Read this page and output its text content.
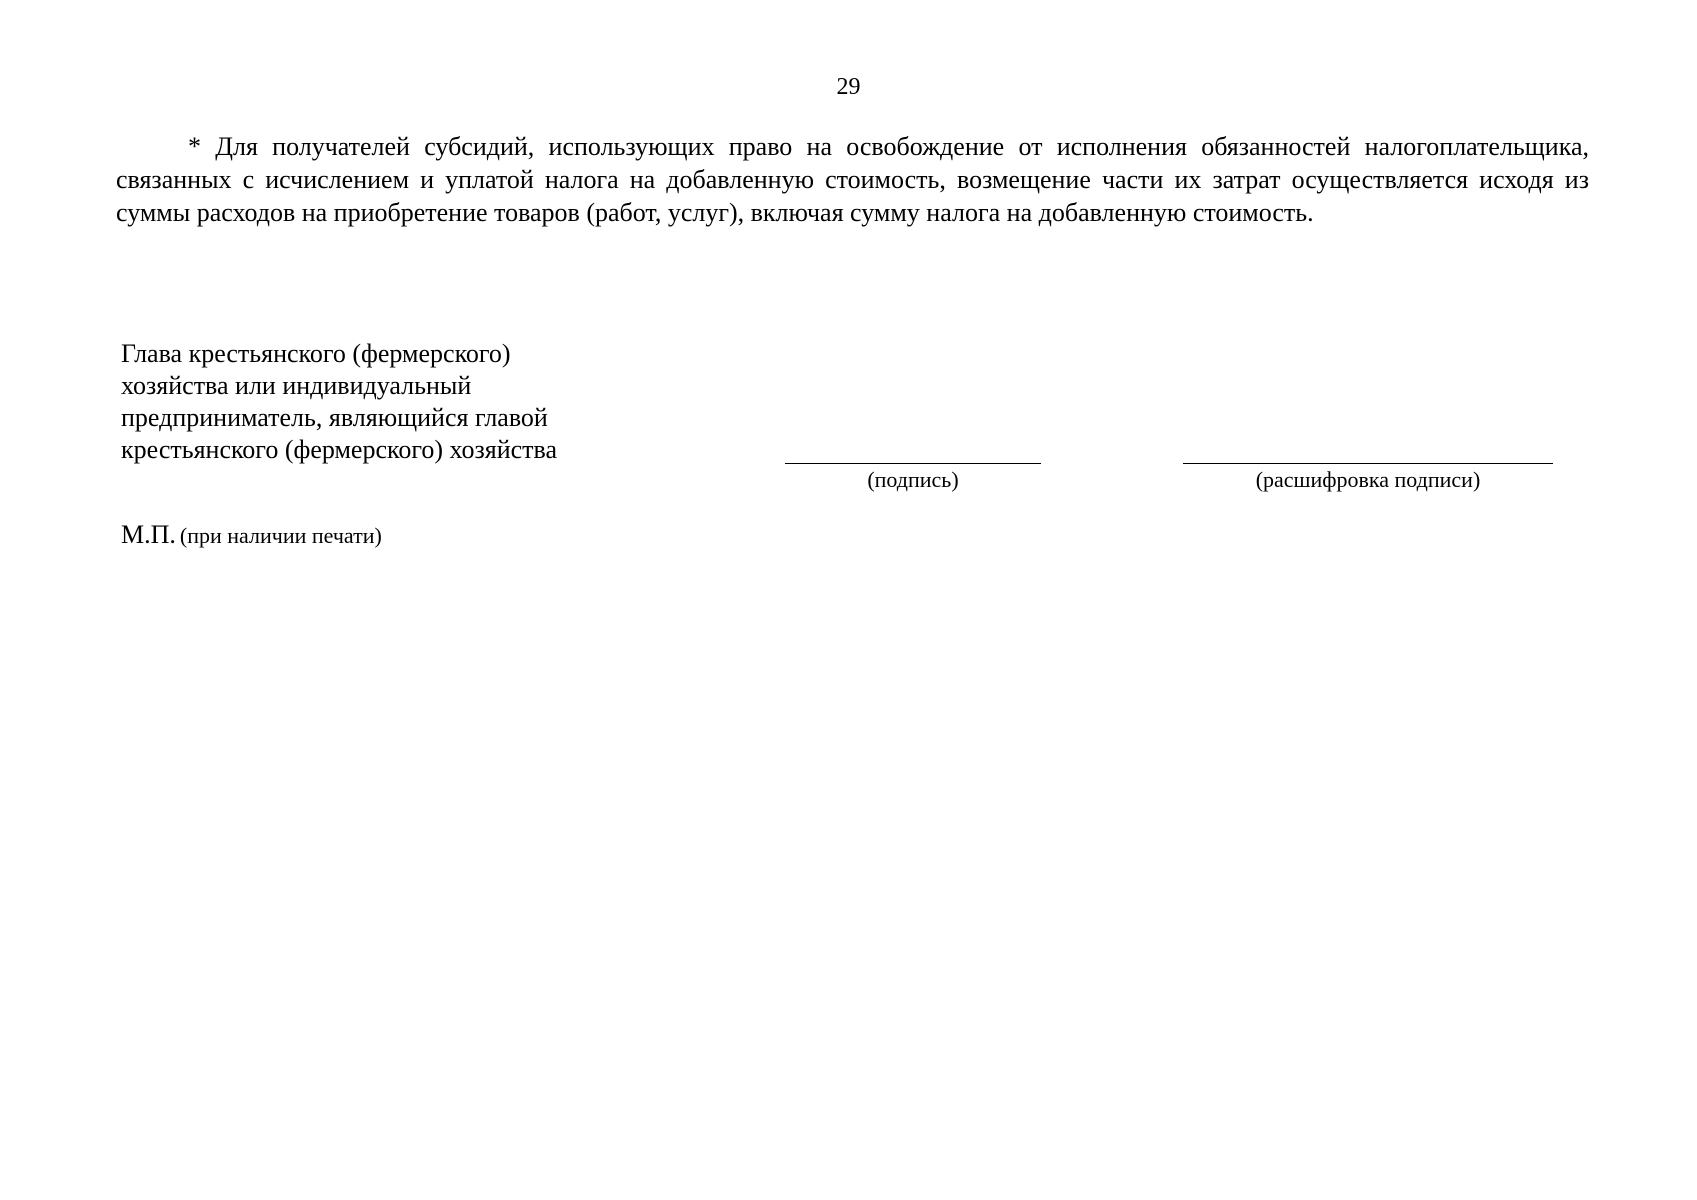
29

* Для получателей субсидий, использующих право на освобождение от исполнения обязанностей налогоплательщика, связанных с исчислением и уплатой налога на добавленную стоимость, возмещение части их затрат осуществляется исходя из суммы расходов на приобретение товаров (работ, услуг), включая сумму налога на добавленную стоимость.

Глава крестьянского (фермерского)
хозяйства или индивидуальный
предприниматель, являющийся главой
крестьянского (фермерского) хозяйства
(подпись)	(расшифровка подписи)
М.П. (при наличии печати)
